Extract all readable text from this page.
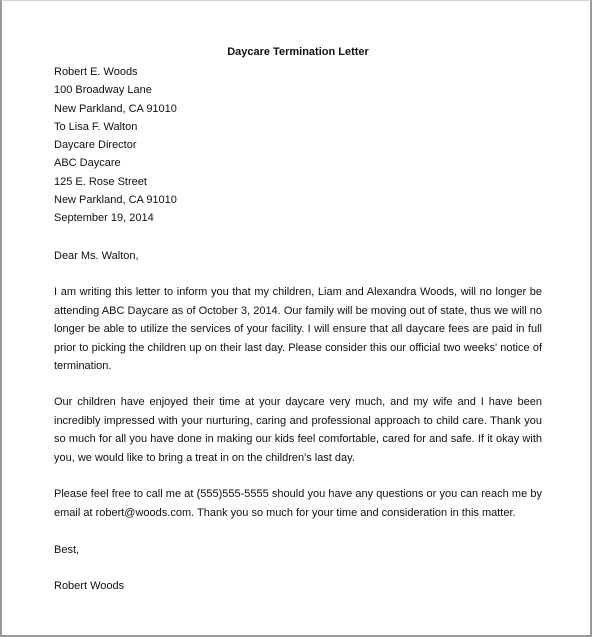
Daycare Termination Letter
Robert E. Woods
100 Broadway Lane
New Parkland, CA 91010
To Lisa F. Walton
Daycare Director
ABC Daycare
125 E. Rose Street
New Parkland, CA 91010
September 19, 2014
Dear Ms. Walton,

I am writing this letter to inform you that my children, Liam and Alexandra Woods, will no longer be attending ABC Daycare as of October 3, 2014. Our family will be moving out of state, thus we will no longer be able to utilize the services of your facility. I will ensure that all daycare fees are paid in full prior to picking the children up on their last day. Please consider this our official two weeks' notice of termination.

Our children have enjoyed their time at your daycare very much, and my wife and I have been incredibly impressed with your nurturing, caring and professional approach to child care. Thank you so much for all you have done in making our kids feel comfortable, cared for and safe. If it okay with you, we would like to bring a treat in on the children's last day.

Please feel free to call me at (555)555-5555 should you have any questions or you can reach me by email at robert@woods.com. Thank you so much for your time and consideration in this matter.

Best,
Robert Woods
